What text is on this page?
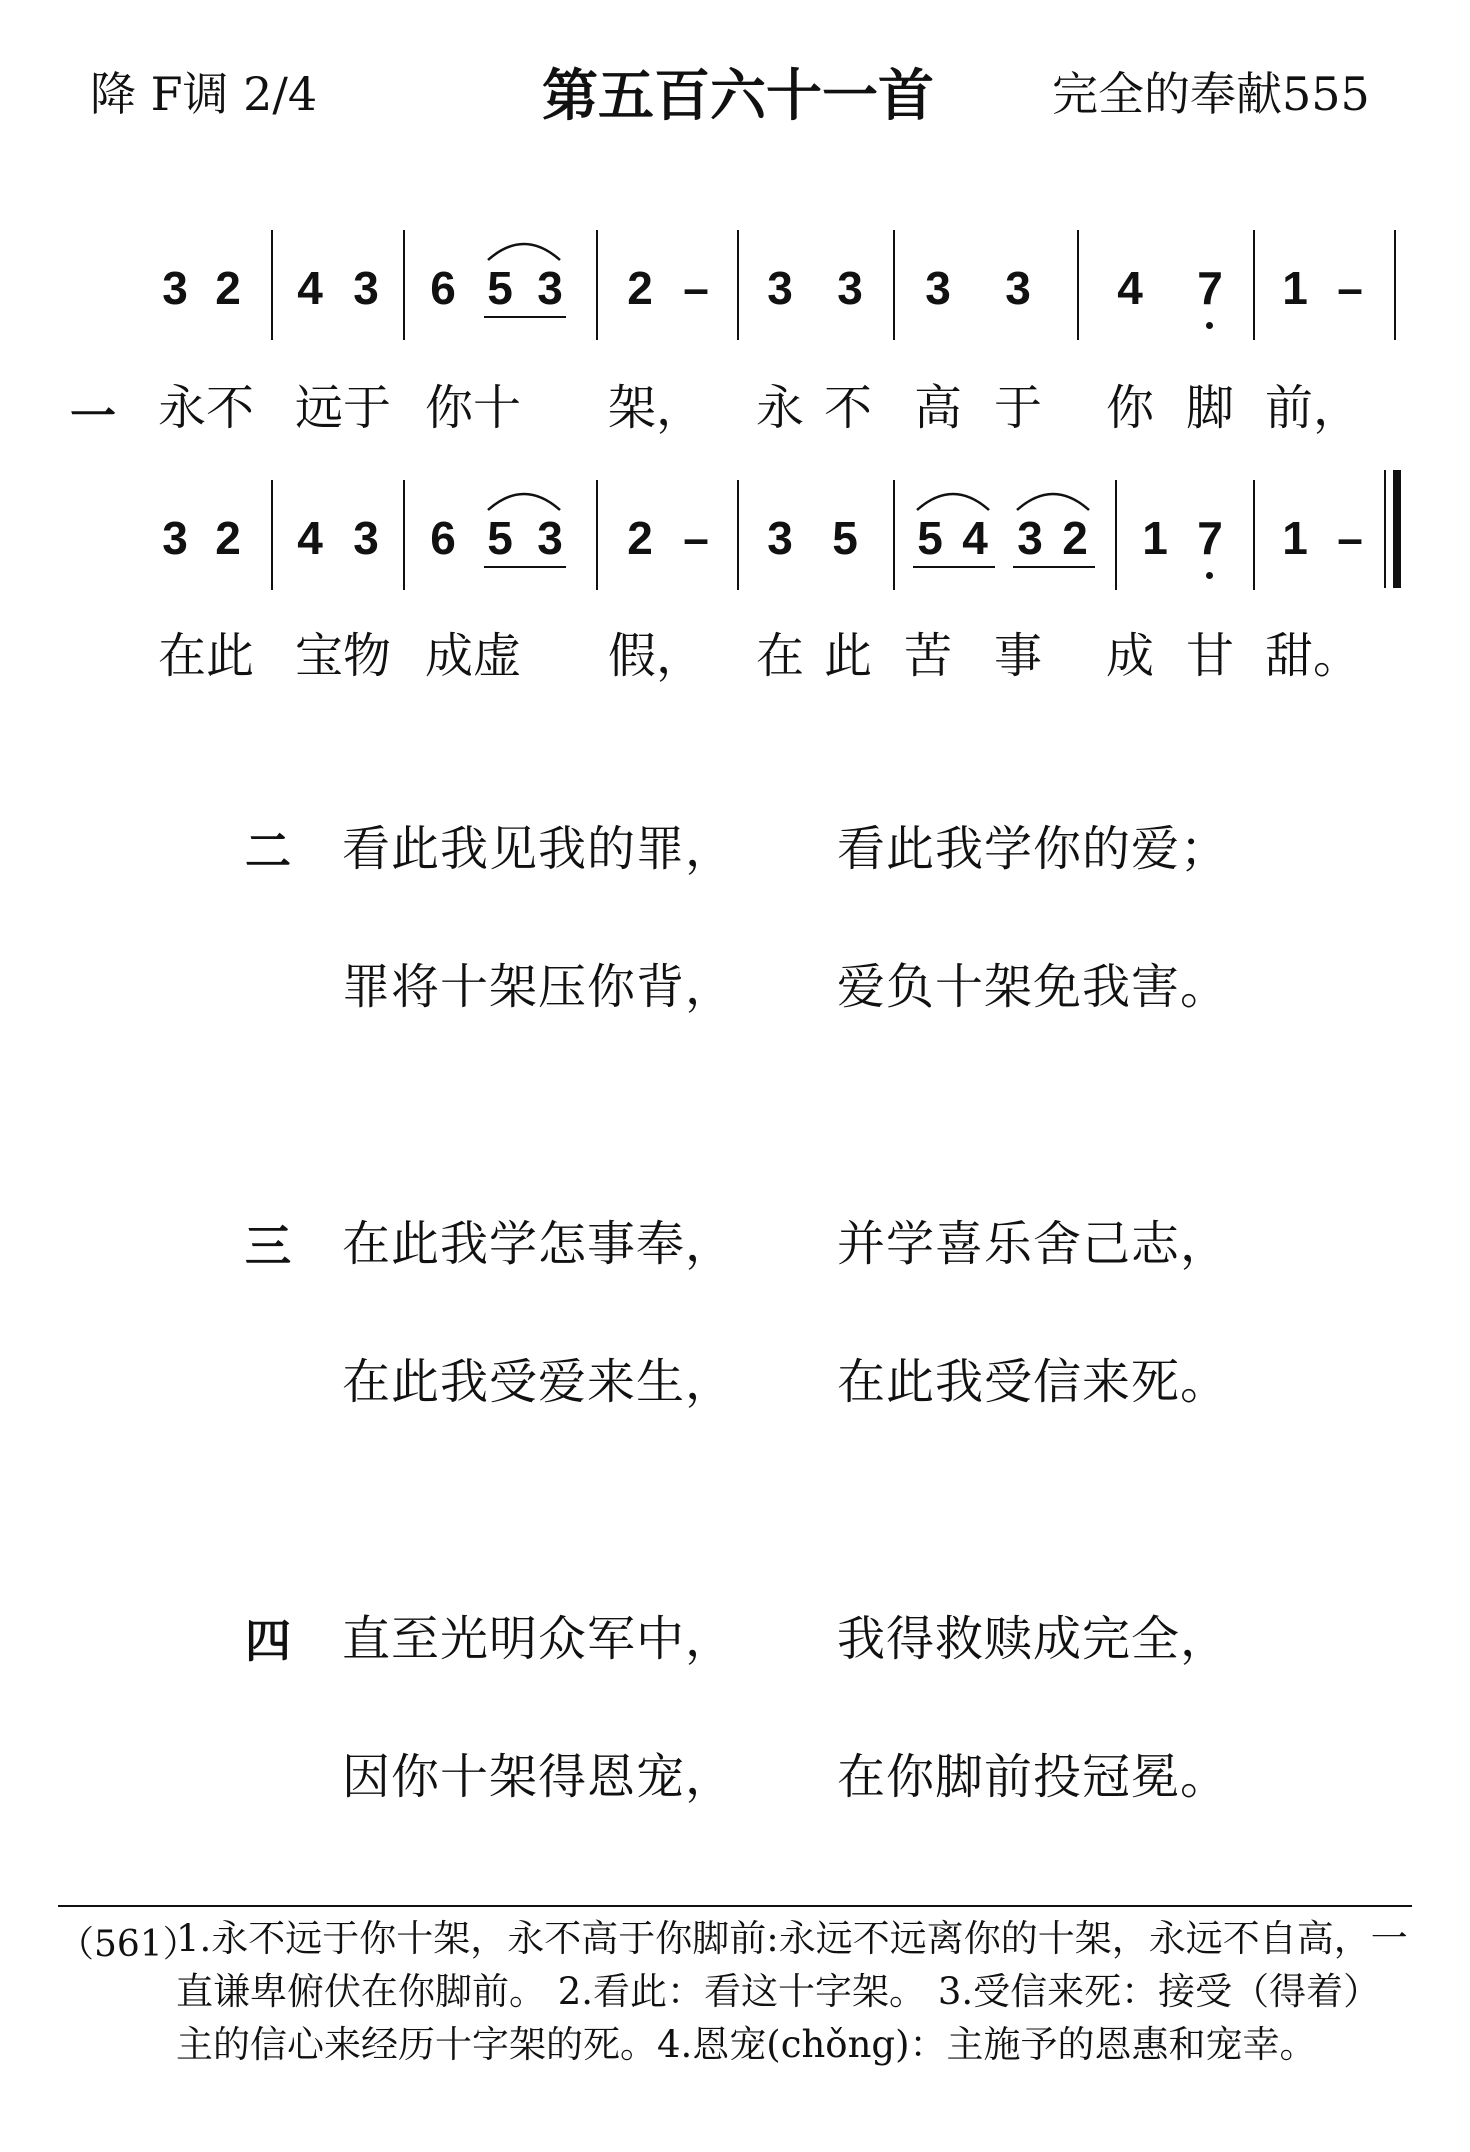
降 F调 2/4	第五百六十一首	完全的奉献555
3 2 4 3 6 5 3 2 – 3 3 3 3 4 7 1 –
一 永不 远于 你十 架， 永 不 高 于 你 脚 前，
3 2 4 3 6 5 3 2 – 3 5 5 4 3 2 1 7 1 –
在此 宝物 成虚 假， 在 此 苦 事 成 甘 甜。
二 看此我见我的罪， 看此我学你的爱；
罪将十架压你背， 爱负十架免我害。
三 在此我学怎事奉， 并学喜乐舍己志，
在此我受爱来生， 在此我受信来死。
四 直至光明众军中， 我得救赎成完全，
因你十架得恩宠， 在你脚前投冠冕。
（561）
1.永不远于你十架，永不高于你脚前:永远不远离你的十架，永远不自高，一直谦卑俯伏在你脚前。 2.看此：看这十字架。 3.受信来死：接受（得着）主的信心来经历十字架的死。4.恩宠(chǒng)：主施予的恩惠和宠幸。
